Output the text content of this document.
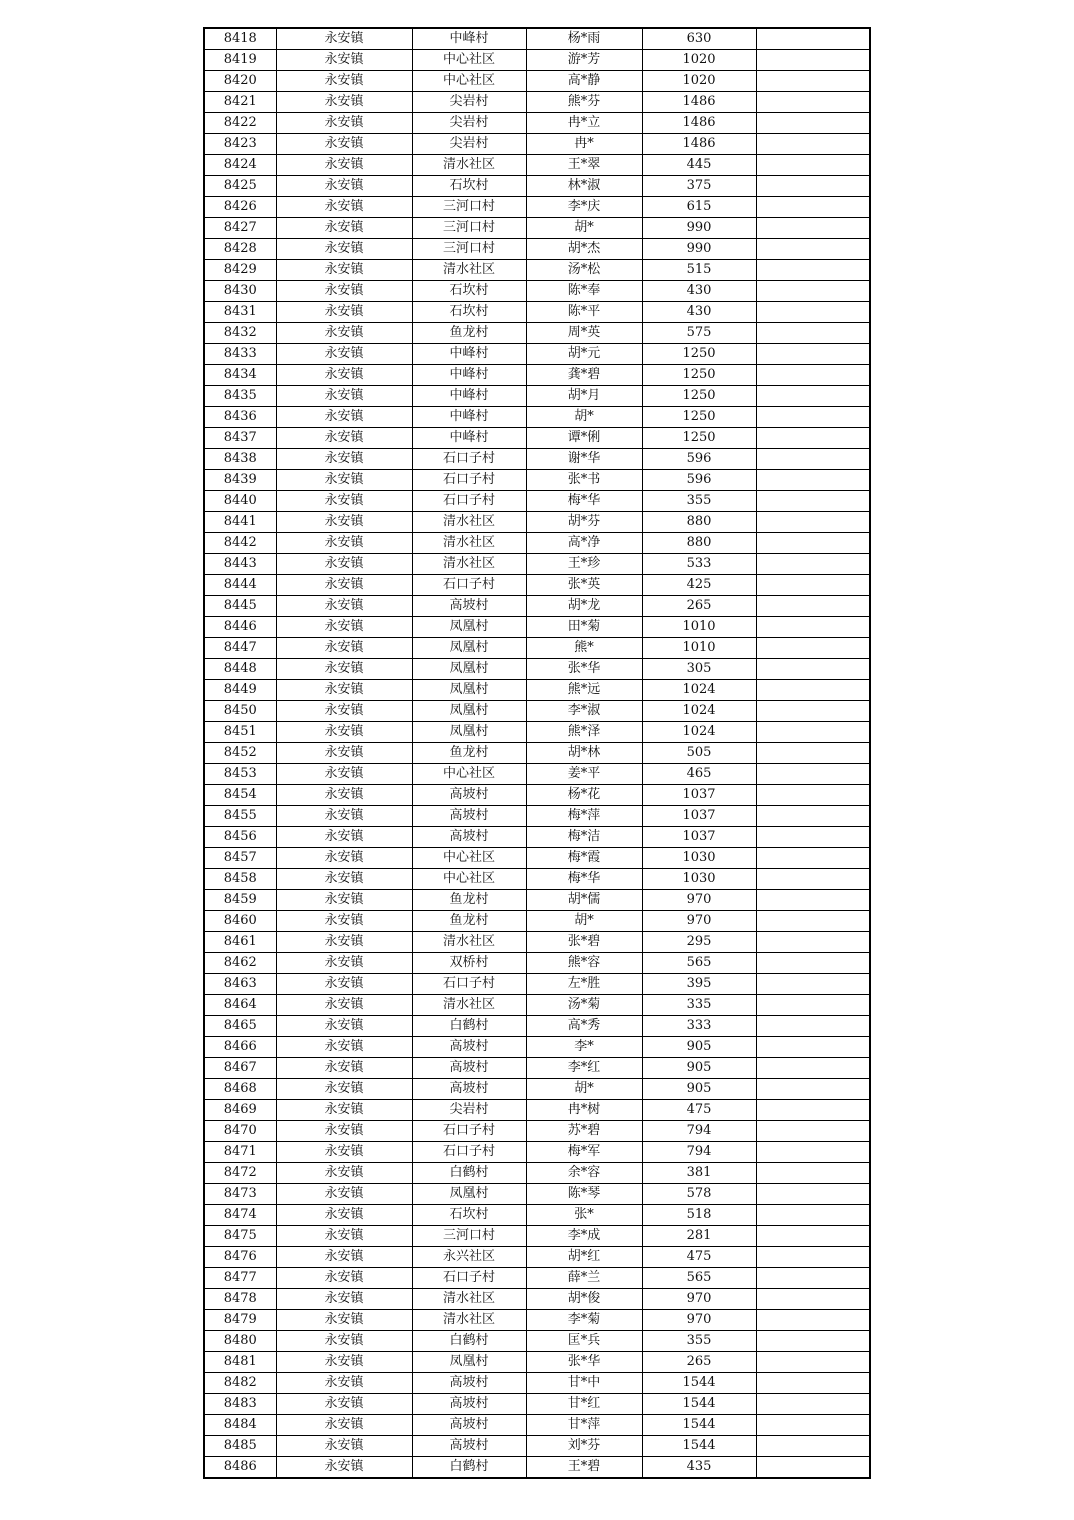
8418	永安镇	中峰村	杨*雨	630	
8419	永安镇	中心社区	游*芳	1020	
8420	永安镇	中心社区	高*静	1020	
8421	永安镇	尖岩村	熊*芬	1486	
8422	永安镇	尖岩村	冉*立	1486	
8423	永安镇	尖岩村	冉*	1486	
8424	永安镇	清水社区	王*翠	445	
8425	永安镇	石坎村	林*淑	375	
8426	永安镇	三河口村	李*庆	615	
8427	永安镇	三河口村	胡*	990	
8428	永安镇	三河口村	胡*杰	990	
8429	永安镇	清水社区	汤*松	515	
8430	永安镇	石坎村	陈*奉	430	
8431	永安镇	石坎村	陈*平	430	
8432	永安镇	鱼龙村	周*英	575	
8433	永安镇	中峰村	胡*元	1250	
8434	永安镇	中峰村	龚*碧	1250	
8435	永安镇	中峰村	胡*月	1250	
8436	永安镇	中峰村	胡*	1250	
8437	永安镇	中峰村	谭*俐	1250	
8438	永安镇	石口子村	谢*华	596	
8439	永安镇	石口子村	张*书	596	
8440	永安镇	石口子村	梅*华	355	
8441	永安镇	清水社区	胡*芬	880	
8442	永安镇	清水社区	高*净	880	
8443	永安镇	清水社区	王*珍	533	
8444	永安镇	石口子村	张*英	425	
8445	永安镇	高坡村	胡*龙	265	
8446	永安镇	凤凰村	田*菊	1010	
8447	永安镇	凤凰村	熊*	1010	
8448	永安镇	凤凰村	张*华	305	
8449	永安镇	凤凰村	熊*远	1024	
8450	永安镇	凤凰村	李*淑	1024	
8451	永安镇	凤凰村	熊*泽	1024	
8452	永安镇	鱼龙村	胡*林	505	
8453	永安镇	中心社区	姜*平	465	
8454	永安镇	高坡村	杨*花	1037	
8455	永安镇	高坡村	梅*萍	1037	
8456	永安镇	高坡村	梅*洁	1037	
8457	永安镇	中心社区	梅*霞	1030	
8458	永安镇	中心社区	梅*华	1030	
8459	永安镇	鱼龙村	胡*儒	970	
8460	永安镇	鱼龙村	胡*	970	
8461	永安镇	清水社区	张*碧	295	
8462	永安镇	双桥村	熊*容	565	
8463	永安镇	石口子村	左*胜	395	
8464	永安镇	清水社区	汤*菊	335	
8465	永安镇	白鹤村	高*秀	333	
8466	永安镇	高坡村	李*	905	
8467	永安镇	高坡村	李*红	905	
8468	永安镇	高坡村	胡*	905	
8469	永安镇	尖岩村	冉*树	475	
8470	永安镇	石口子村	苏*碧	794	
8471	永安镇	石口子村	梅*军	794	
8472	永安镇	白鹤村	余*容	381	
8473	永安镇	凤凰村	陈*琴	578	
8474	永安镇	石坎村	张*	518	
8475	永安镇	三河口村	李*成	281	
8476	永安镇	永兴社区	胡*红	475	
8477	永安镇	石口子村	薛*兰	565	
8478	永安镇	清水社区	胡*俊	970	
8479	永安镇	清水社区	李*菊	970	
8480	永安镇	白鹤村	匡*兵	355	
8481	永安镇	凤凰村	张*华	265	
8482	永安镇	高坡村	甘*中	1544	
8483	永安镇	高坡村	甘*红	1544	
8484	永安镇	高坡村	甘*萍	1544	
8485	永安镇	高坡村	刘*芬	1544	
8486	永安镇	白鹤村	王*碧	435	
